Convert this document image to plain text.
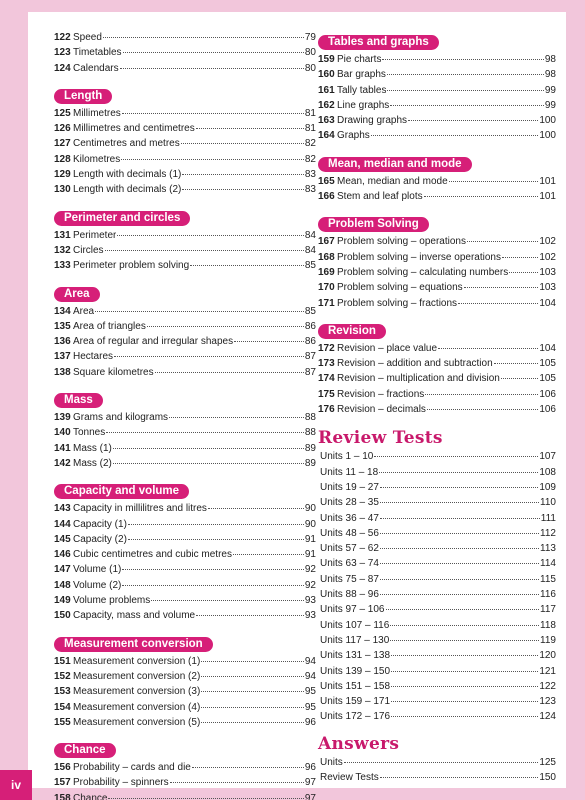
122 Speed	79
123 Timetables	80
124 Calendars	80
Length
125 Millimetres	81
126 Millimetres and centimetres	81
127 Centimetres and metres	82
128 Kilometres	82
129 Length with decimals (1)	83
130 Length with decimals (2)	83
Perimeter and circles
131 Perimeter	84
132 Circles	84
133 Perimeter problem solving	85
Area
134 Area	85
135 Area of triangles	86
136 Area of regular and irregular shapes	86
137 Hectares	87
138 Square kilometres	87
Mass
139 Grams and kilograms	88
140 Tonnes	88
141 Mass (1)	89
142 Mass (2)	89
Capacity and volume
143 Capacity in millilitres and litres	90
144 Capacity (1)	90
145 Capacity (2)	91
146 Cubic centimetres and cubic metres	91
147 Volume (1)	92
148 Volume (2)	92
149 Volume problems	93
150 Capacity, mass and volume	93
Measurement conversion
151 Measurement conversion (1)	94
152 Measurement conversion (2)	94
153 Measurement conversion (3)	95
154 Measurement conversion (4)	95
155 Measurement conversion (5)	96
Chance
156 Probability – cards and die	96
157 Probability – spinners	97
158 Chance	97
Tables and graphs
159 Pie charts	98
160 Bar graphs	98
161 Tally tables	99
162 Line graphs	99
163 Drawing graphs	100
164 Graphs	100
Mean, median and mode
165 Mean, median and mode	101
166 Stem and leaf plots	101
Problem Solving
167 Problem solving – operations	102
168 Problem solving – inverse operations	102
169 Problem solving – calculating numbers	103
170 Problem solving – equations	103
171 Problem solving – fractions	104
Revision
172 Revision – place value	104
173 Revision – addition and subtraction	105
174 Revision – multiplication and division	105
175 Revision – fractions	106
176 Revision – decimals	106
Review Tests
Units 1 – 10	107
Units 11 – 18	108
Units 19 – 27	109
Units 28 – 35	110
Units 36 – 47	111
Units 48 – 56	112
Units 57 – 62	113
Units 63 – 74	114
Units 75 – 87	115
Units 88 – 96	116
Units 97 – 106	117
Units 107 – 116	118
Units 117 – 130	119
Units 131 – 138	120
Units 139 – 150	121
Units 151 – 158	122
Units 159 – 171	123
Units 172 – 176	124
Answers
Units	125
Review Tests	150
iv
